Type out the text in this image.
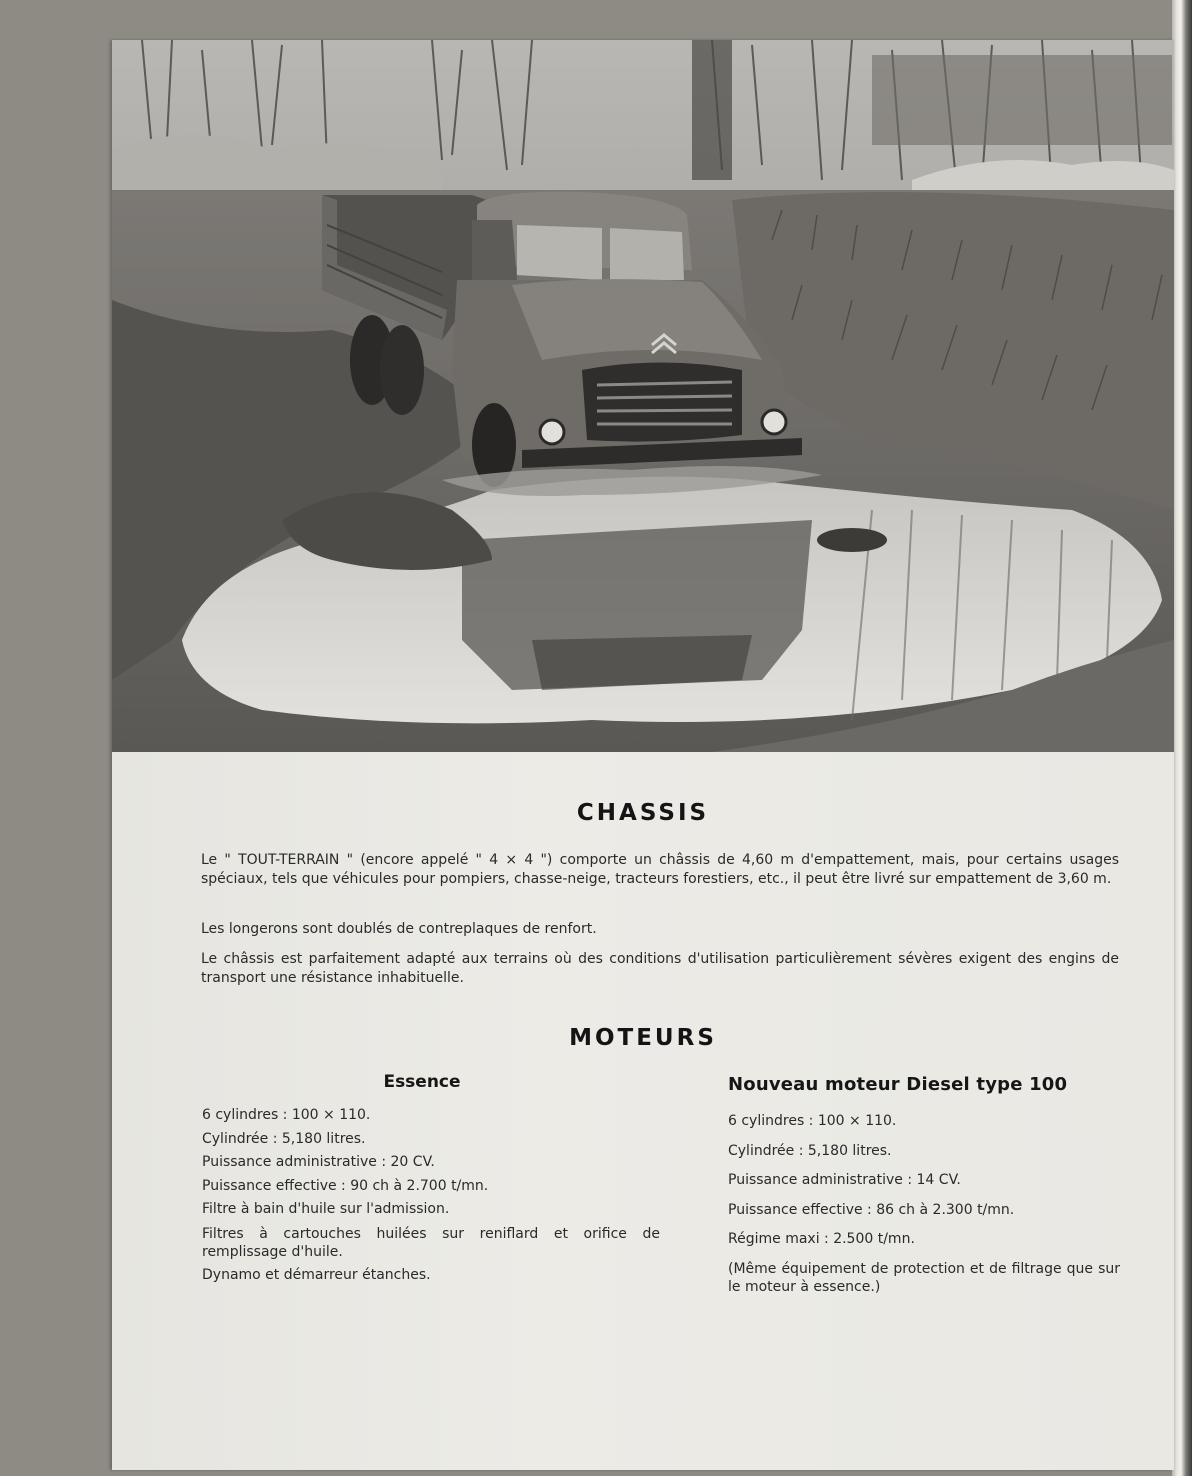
CHASSIS

Le " TOUT-TERRAIN " (encore appelé " 4 × 4 ") comporte un châssis de 4,60 m d'empattement, mais, pour certains usages spéciaux, tels que véhicules pour pompiers, chasse-neige, tracteurs forestiers, etc., il peut être livré sur empattement de 3,60 m.

Les longerons sont doublés de contreplaques de renfort.

Le châssis est parfaitement adapté aux terrains où des conditions d'utilisation particulièrement sévères exigent des engins de transport une résistance inhabituelle.

MOTEURS
Essence

6 cylindres : 100 × 110.

Cylindrée : 5,180 litres.

Puissance administrative : 20 CV.

Puissance effective : 90 ch à 2.700 t/mn.

Filtre à bain d'huile sur l'admission.

Filtres à cartouches huilées sur reniflard et orifice de remplissage d'huile.

Dynamo et démarreur étanches.

Nouveau moteur Diesel type 100

6 cylindres : 100 × 110.

Cylindrée : 5,180 litres.

Puissance administrative : 14 CV.

Puissance effective : 86 ch à 2.300 t/mn.

Régime maxi : 2.500 t/mn.

(Même équipement de protection et de filtrage que sur le moteur à essence.)
